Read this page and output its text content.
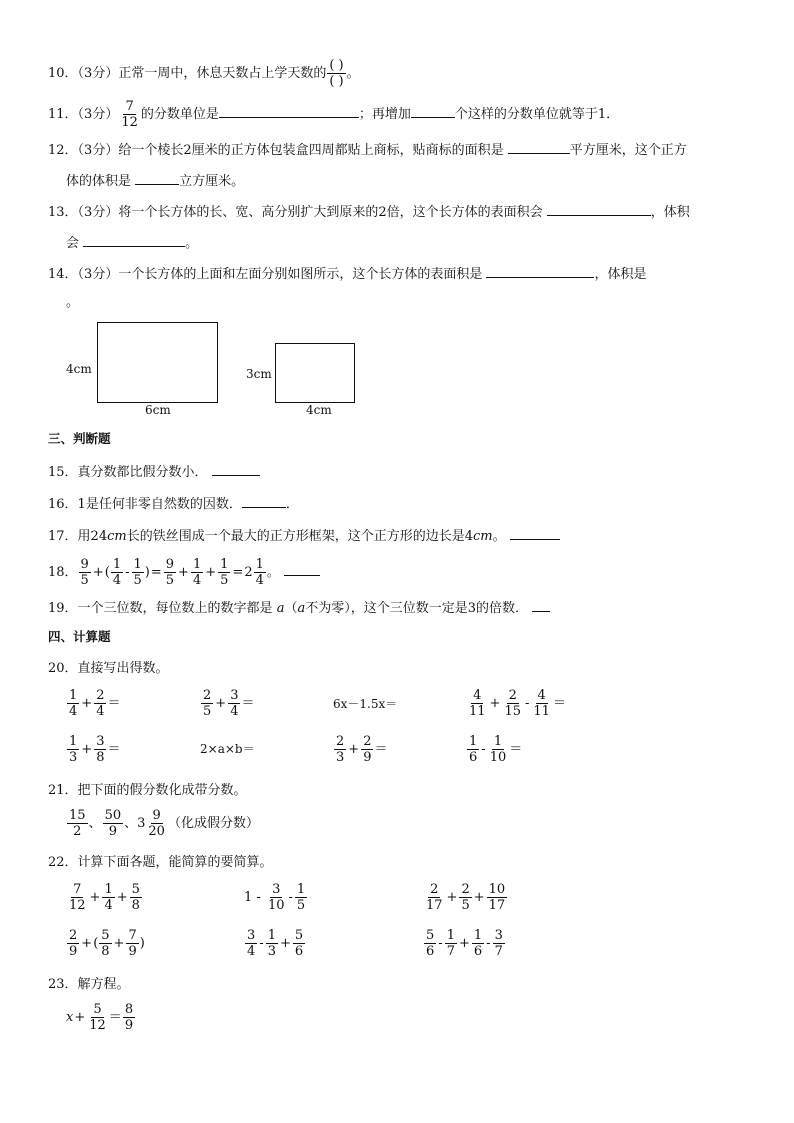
10．（3分）正常一周中，休息天数占上学天数的 $\frac{( )}{( )}$ 。
11．（3分） $\frac{7}{12}$ 的分数单位是	；再增加	个这样的分数单位就等于1．
12．（3分）给一个棱长2厘米的正方体包装盒四周都贴上商标，贴商标的面积是	平方厘米，这个正方
体的体积是	立方厘米。
13．（3分）将一个长方体的长、宽、高分别扩大到原来的2倍，这个长方体的表面积会	，体积
会	。
14．（3分）一个长方体的上面和左面分别如图所示，这个长方体的表面积是	，体积是
。
4cm
6cm
3cm
4cm
三、判断题
15．真分数都比假分数小．
16．1是任何非零自然数的因数．	．
17．用24cm长的铁丝围成一个最大的正方形框架，这个正方形的边长是4cm。
18． $\frac{9}{5}$ +( $\frac{1}{4} - \frac{1}{5}$ )= $\frac{9}{5} + \frac{1}{4} + \frac{1}{5} =2 \frac{1}{4}$ 。
19．一个三位数，每位数上的数字都是 a（a不为零），这个三位数一定是3的倍数．
四、计算题
20．直接写出得数。
$\frac{1}{4} + \frac{2}{4}$ ＝	$\frac{2}{5} + \frac{3}{4}$ ＝	6x－1.5x＝	$\frac{4}{11} + \frac{2}{15} - \frac{4}{11}$ ＝
$\frac{1}{3} + \frac{3}{8}$ ＝	2×a×b＝	$\frac{2}{3} + \frac{2}{9}$ ＝	$\frac{1}{6} - \frac{1}{10}$ ＝
21．把下面的假分数化成带分数。
$\frac{15}{2}$ 、 $\frac{50}{9}$ 、$3 \frac{9}{20}$ （化成假分数）
22．计算下面各题，能简算的要简算。
$\frac{7}{12} + \frac{1}{4} + \frac{5}{8}$	$1 - \frac{3}{10} - \frac{1}{5}$	$\frac{2}{17} + \frac{2}{5} + \frac{10}{17}$
$\frac{2}{9}$ +( $\frac{5}{8} + \frac{7}{9}$ )	$\frac{3}{4} - \frac{1}{3} + \frac{5}{6}$	$\frac{5}{6} - \frac{1}{7} + \frac{1}{6} - \frac{3}{7}$
23．解方程。
$x+ \frac{5}{12} = \frac{8}{9}$
